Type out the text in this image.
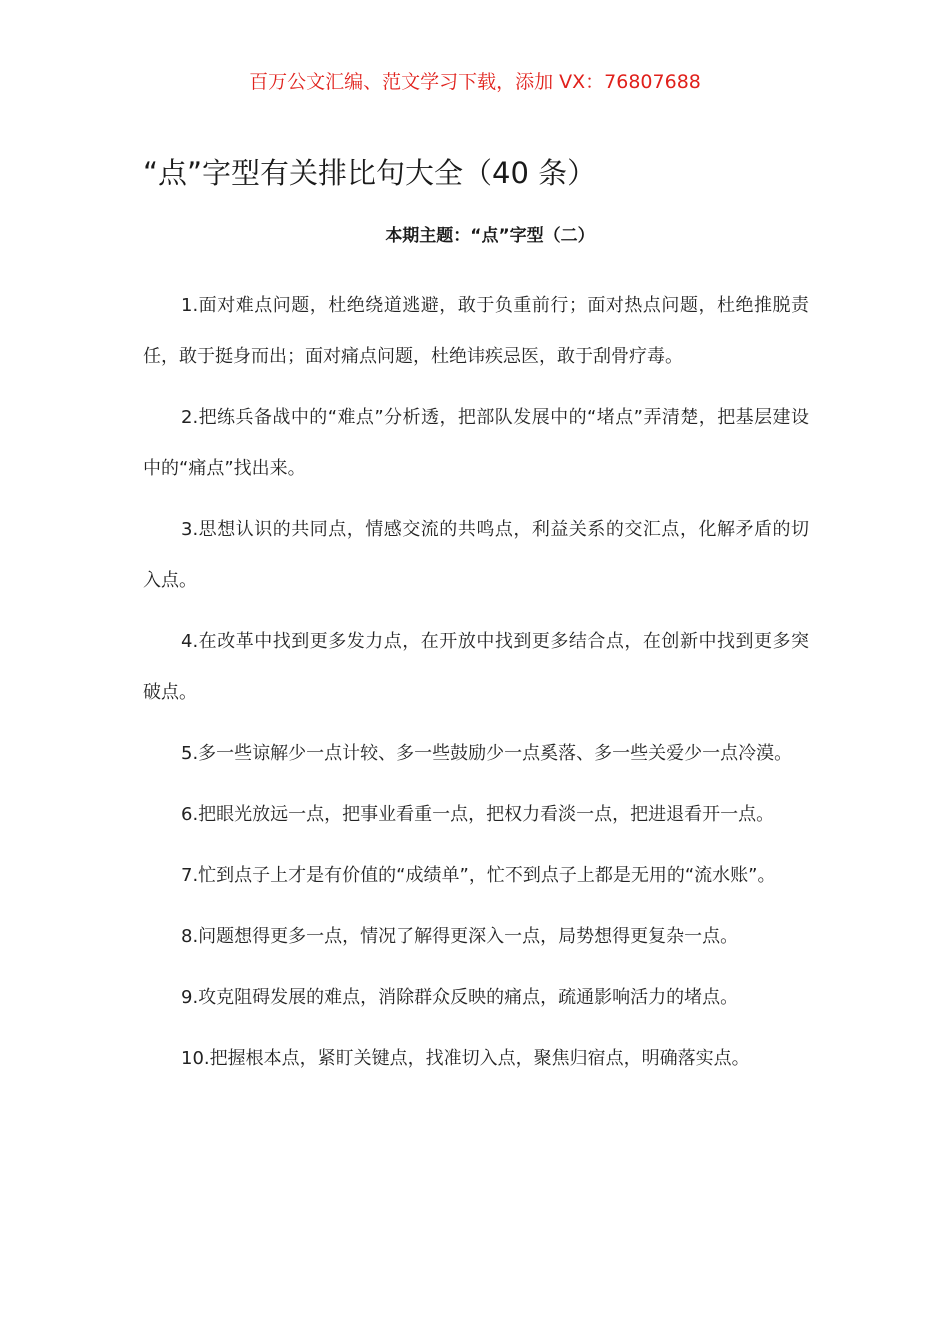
百万公文汇编、范文学习下载，添加 VX：76807688
“点”字型有关排比句大全（40 条）
本期主题：“点”字型（二）

1.面对难点问题，杜绝绕道逃避，敢于负重前行；面对热点问题，杜绝推脱责任，敢于挺身而出；面对痛点问题，杜绝讳疾忌医，敢于刮骨疗毒。

2.把练兵备战中的“难点”分析透，把部队发展中的“堵点”弄清楚，把基层建设中的“痛点”找出来。

3.思想认识的共同点，情感交流的共鸣点，利益关系的交汇点，化解矛盾的切入点。

4.在改革中找到更多发力点，在开放中找到更多结合点，在创新中找到更多突破点。

5.多一些谅解少一点计较、多一些鼓励少一点奚落、多一些关爱少一点冷漠。

6.把眼光放远一点，把事业看重一点，把权力看淡一点，把进退看开一点。

7.忙到点子上才是有价值的“成绩单”，忙不到点子上都是无用的“流水账”。

8.问题想得更多一点，情况了解得更深入一点，局势想得更复杂一点。

9.攻克阻碍发展的难点，消除群众反映的痛点，疏通影响活力的堵点。

10.把握根本点，紧盯关键点，找准切入点，聚焦归宿点，明确落实点。
